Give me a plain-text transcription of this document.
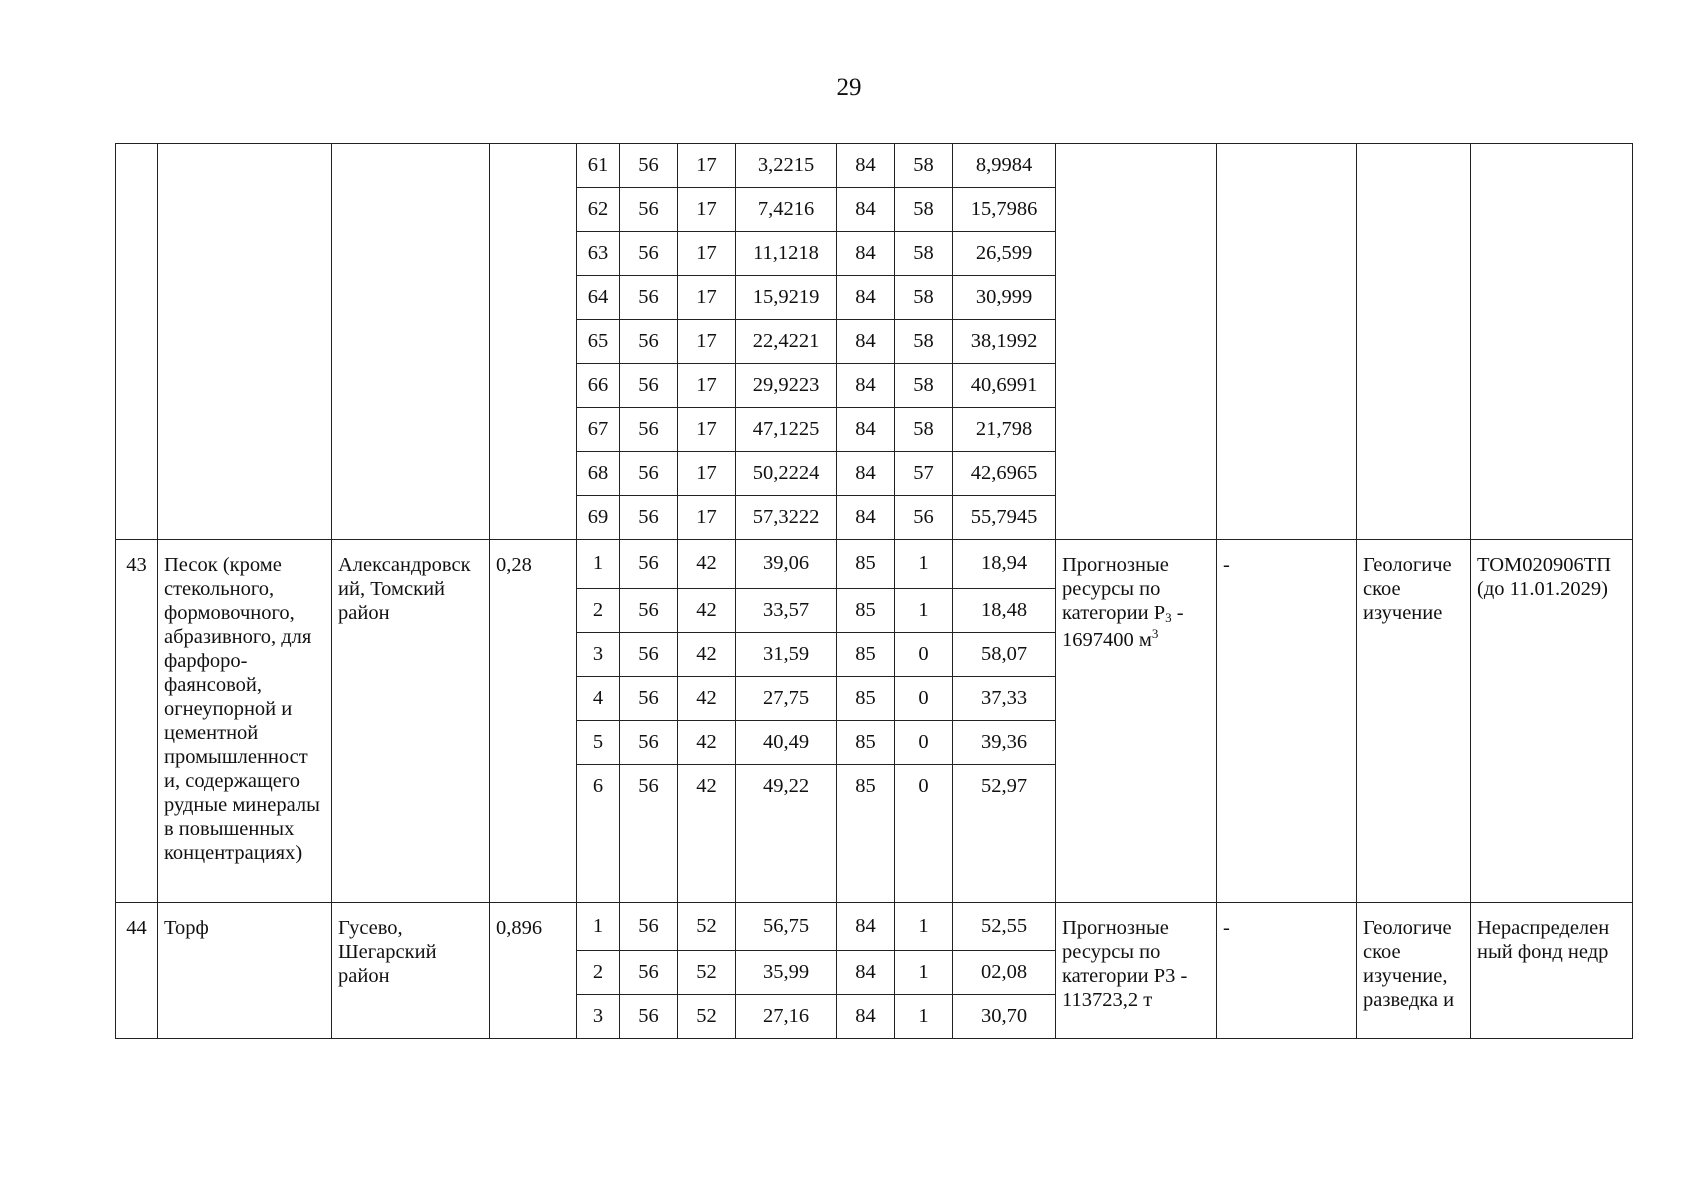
29
				61	56	17	3,2215	84	58	8,9984				
				62	56	17	7,4216	84	58	15,7986				
				63	56	17	11,1218	84	58	26,599				
				64	56	17	15,9219	84	58	30,999				
				65	56	17	22,4221	84	58	38,1992				
				66	56	17	29,9223	84	58	40,6991				
				67	56	17	47,1225	84	58	21,798				
				68	56	17	50,2224	84	57	42,6965				
				69	56	17	57,3222	84	56	55,7945				
43	Песок (кроме стекольного, формовочного, абразивного, для фарфоро-фаянсовой, огнеупорной и цементной промышленност и, содержащего рудные минералы в повышенных концентрациях)	Александровск ий, Томский район	0,28	1	56	42	39,06	85	1	18,94	Прогнозные ресурсы по категории $Р_3 - 1697400$ $м^3$	-	Геологиче ское изучение	ТОМ020906ТП (до 11.01.2029)
				2	56	42	33,57	85	1	18,48				
				3	56	42	31,59	85	0	58,07				
				4	56	42	27,75	85	0	37,33				
				5	56	42	40,49	85	0	39,36				
				6	56	42	49,22	85	0	52,97				
44	Торф	Гусево, Шегарский район	0,896	1	56	52	56,75	84	1	52,55	Прогнозные ресурсы по категории Р3 - 113723,2 т	-	Геологиче ское изучение, разведка и	Нераспределен ный фонд недр
				2	56	52	35,99	84	1	02,08				
				3	56	52	27,16	84	1	30,70				
